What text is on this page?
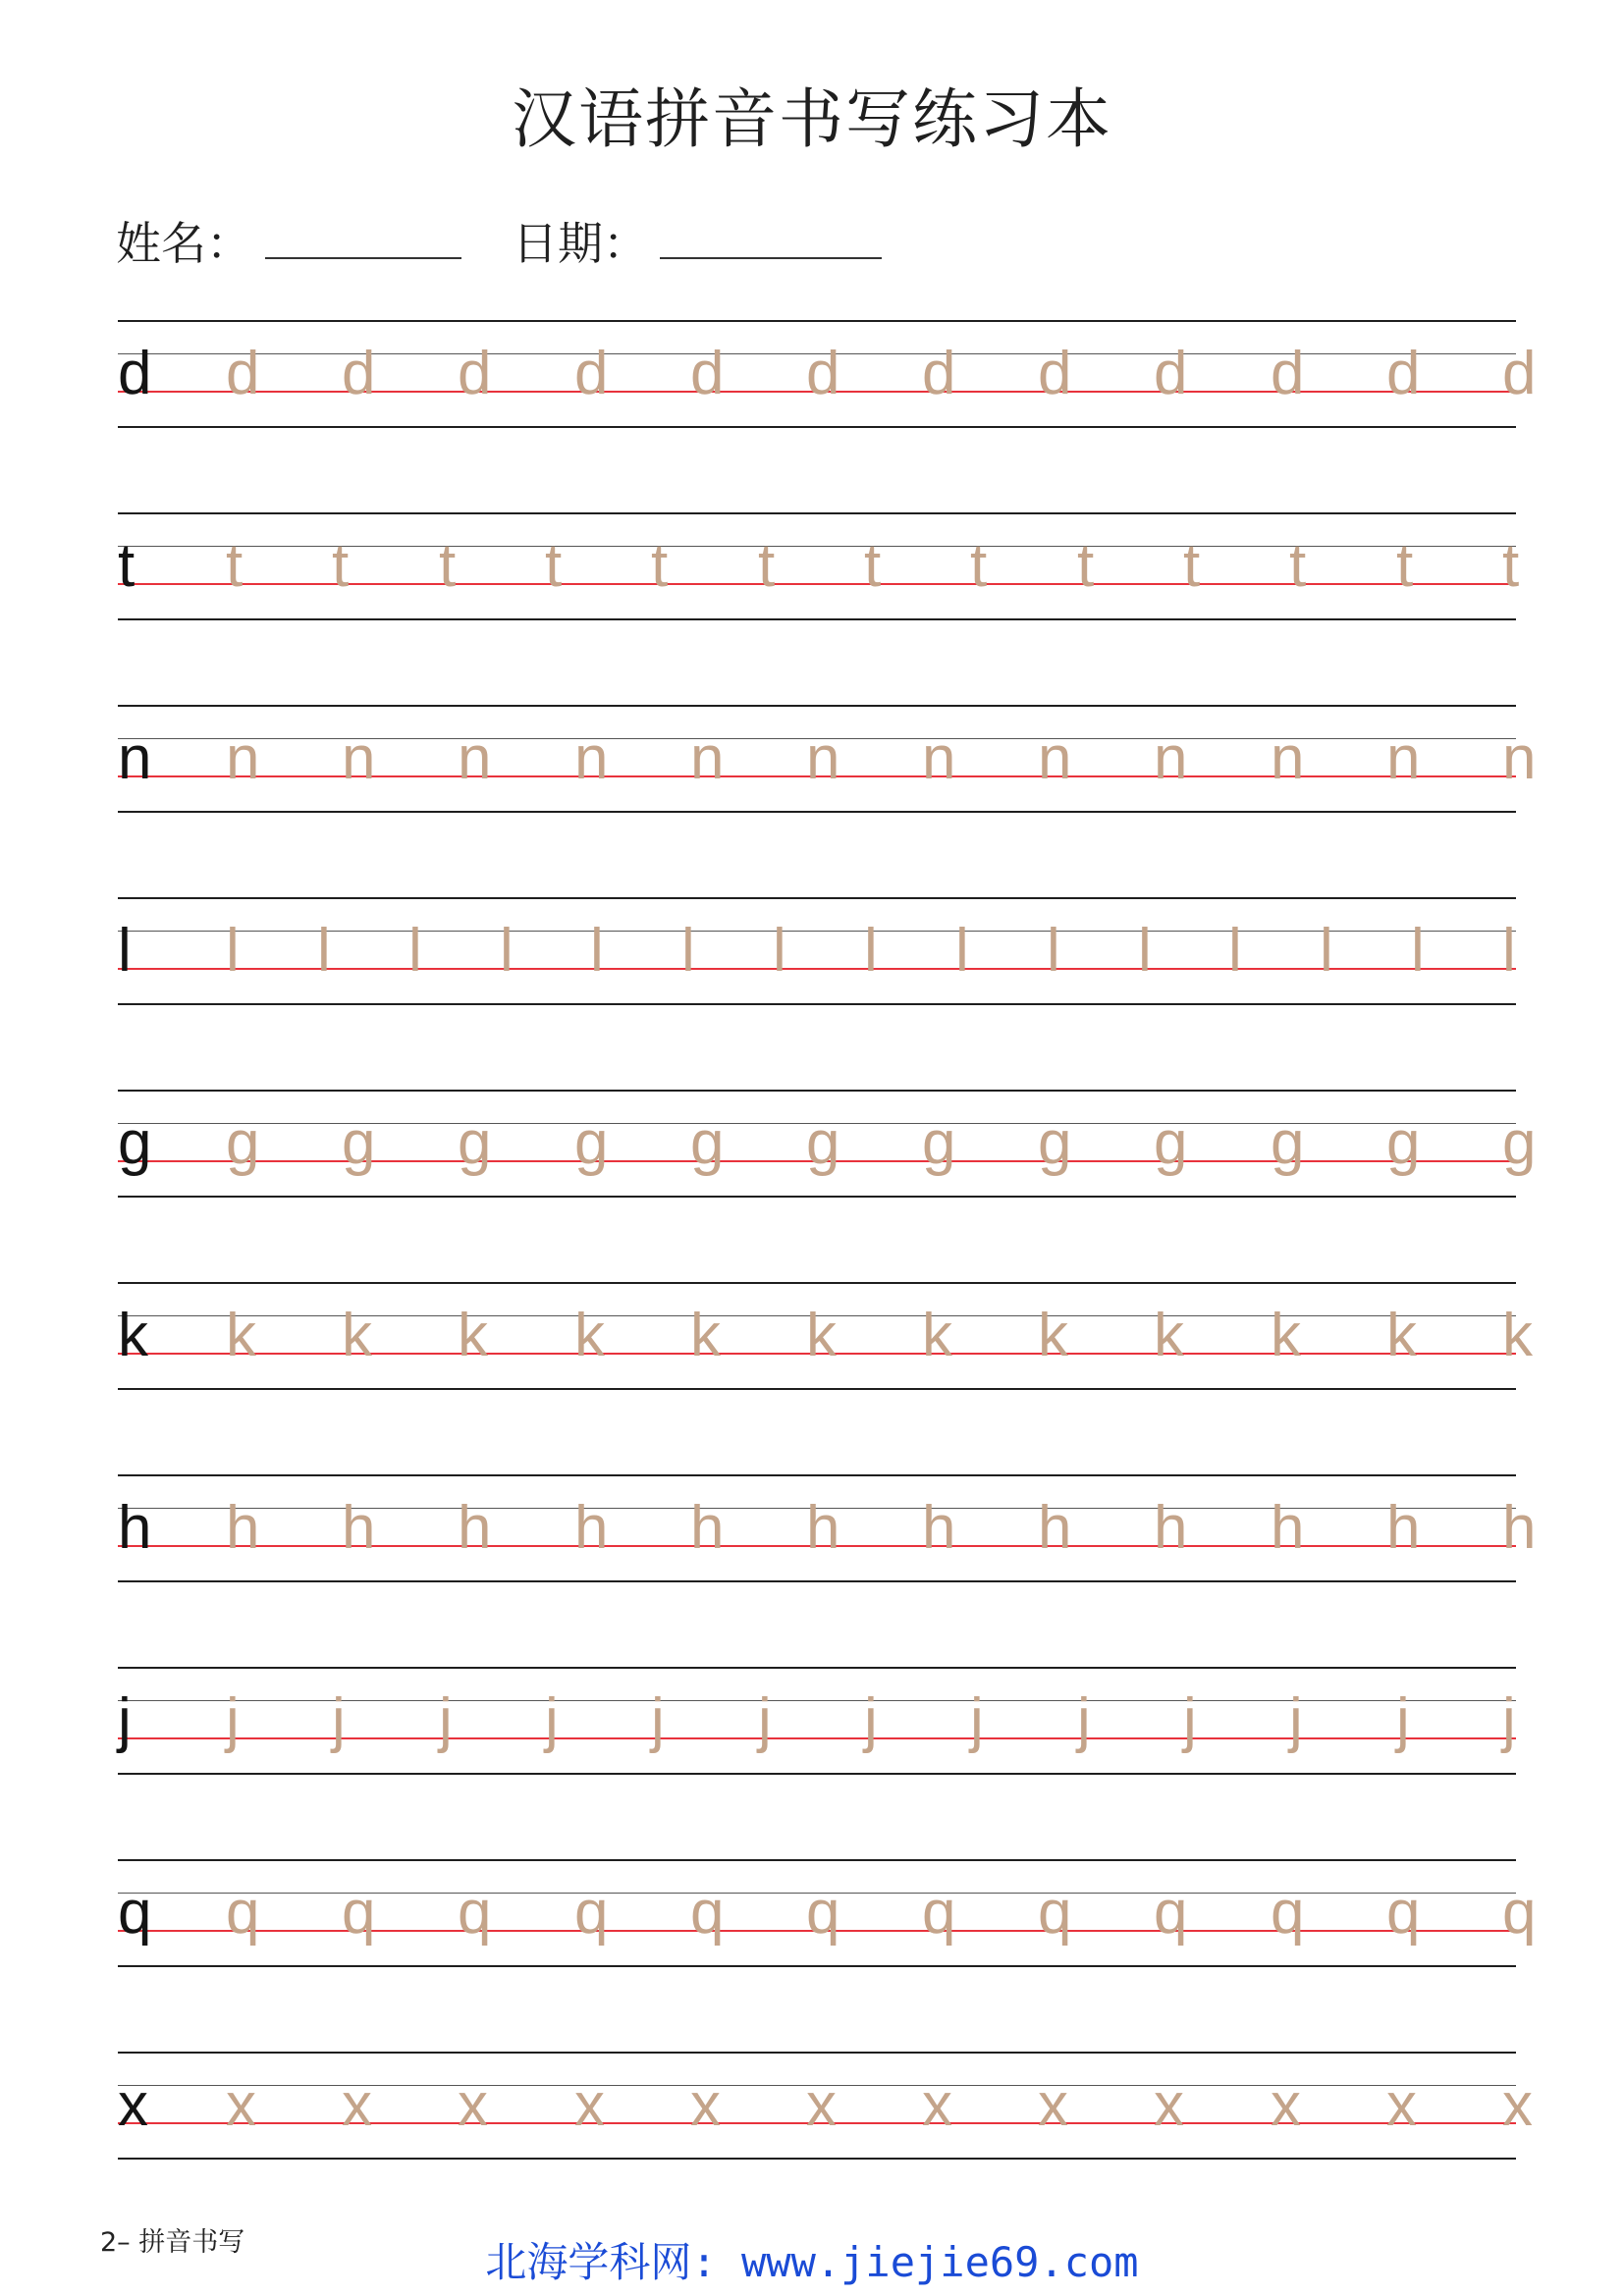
汉语拼音书写练习本
姓名：	日期：
d d d d d d d d d d d d d
t t t t t t t t t t t t t t
n n n n n n n n n n n n n
l l l l l l l l l l l l l l l l
g g g g g g g g g g g g g
k k k k k k k k k k k k k
h h h h h h h h h h h h h
j j j j j j j j j j j j j j
q q q q q q q q q q q q q
x x x x x x x x x x x x x
2– 拼音书写	北海学科网: www.jiejie69.com
